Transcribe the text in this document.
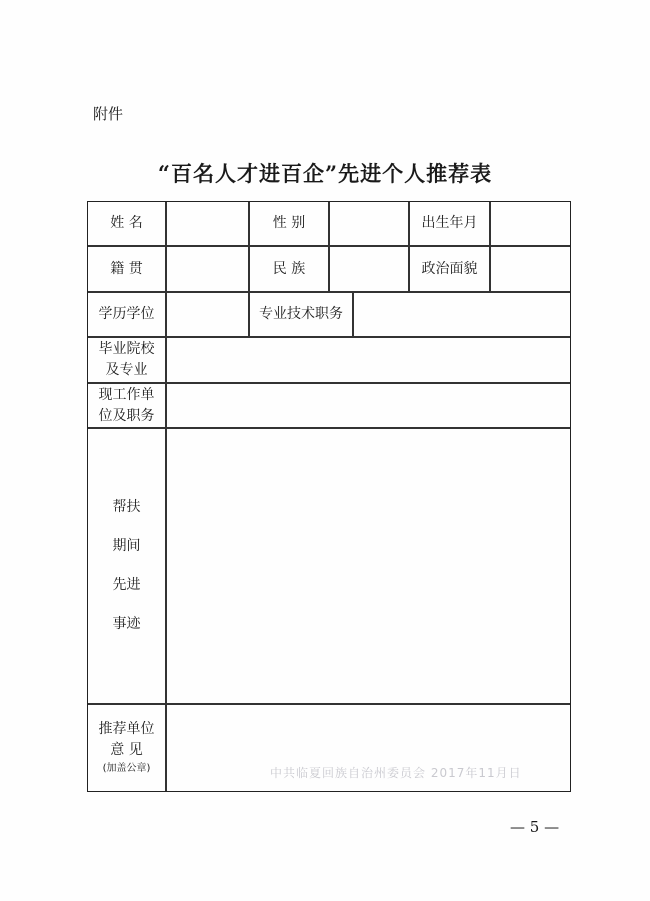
附件
“百名人才进百企”先进个人推荐表
姓 名	性 别	出生年月
籍 贯	民 族	政治面貌
学历学位	专业技术职务
毕业院校
及专业
现工作单
位及职务
帮扶
期间
先进
事迹
推荐单位
意 见
(加盖公章)	中共临夏回族自治州委员会 2017年11月日
— 5 —
